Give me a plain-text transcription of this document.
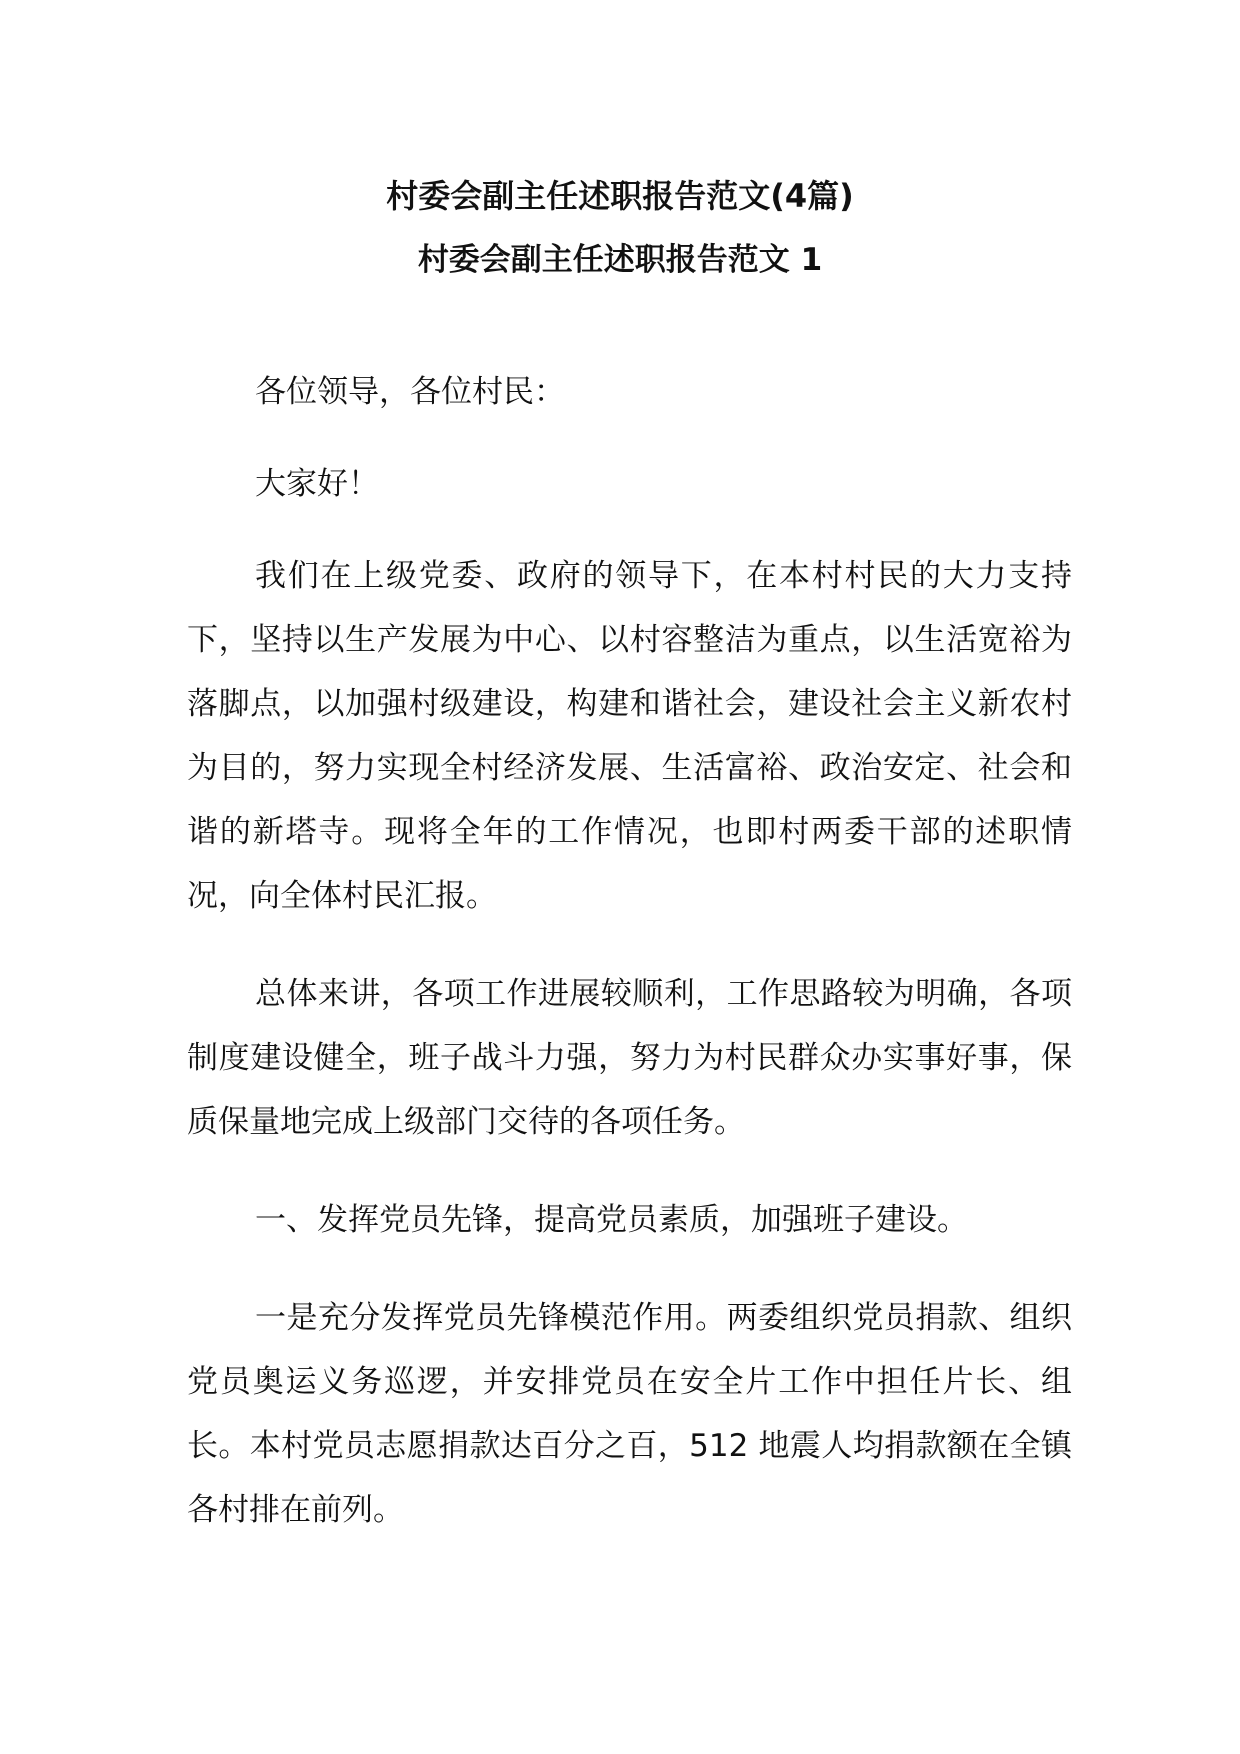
村委会副主任述职报告范文(4篇)
村委会副主任述职报告范文 1

各位领导，各位村民：

大家好！

我们在上级党委、政府的领导下，在本村村民的大力支持下，坚持以生产发展为中心、以村容整洁为重点，以生活宽裕为落脚点，以加强村级建设，构建和谐社会，建设社会主义新农村为目的，努力实现全村经济发展、生活富裕、政治安定、社会和谐的新塔寺。现将全年的工作情况，也即村两委干部的述职情况，向全体村民汇报。

总体来讲，各项工作进展较顺利，工作思路较为明确，各项制度建设健全，班子战斗力强，努力为村民群众办实事好事，保质保量地完成上级部门交待的各项任务。

一、发挥党员先锋，提高党员素质，加强班子建设。

一是充分发挥党员先锋模范作用。两委组织党员捐款、组织党员奥运义务巡逻，并安排党员在安全片工作中担任片长、组长。本村党员志愿捐款达百分之百，512 地震人均捐款额在全镇各村排在前列。
